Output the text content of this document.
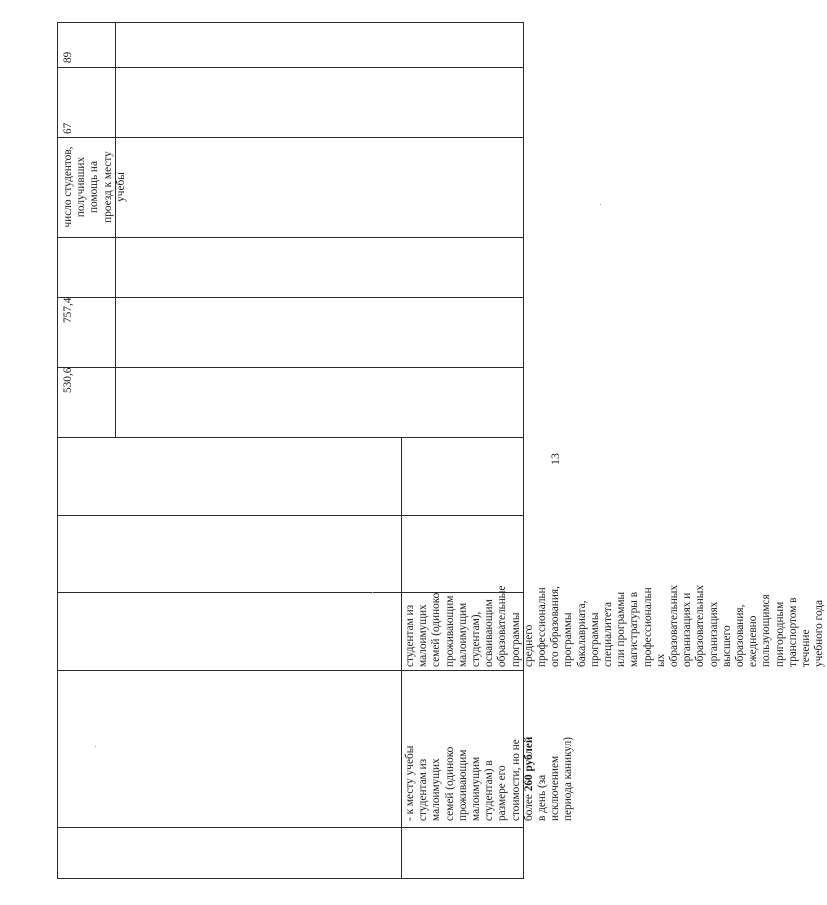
- к месту учебы
студентам из
малоимущих
семей (одиноко
проживающим
малоимущим
студентам) в
размере его
стоимости, но не
более 260 рублей
в день (за
исключением
периода каникул)
студентам из
малоимущих
семей (одиноко
проживающим
малоимущим
студентам),
осваивающим
образовательные
программы
среднего
профессиональн
ого образования,
программы
бакалавриата,
программы
специалитета
или программы
магистратуры в
профессиональн
ых
образовательных
организациях и
образовательных
организациях
высшего
образования,
ежедневно
пользующимся
пригородным
транспортом в
течение
учебного года
530,6
757,4
число студентов,
получивших
помощь на
проезд к месту
учебы
67
89
13
